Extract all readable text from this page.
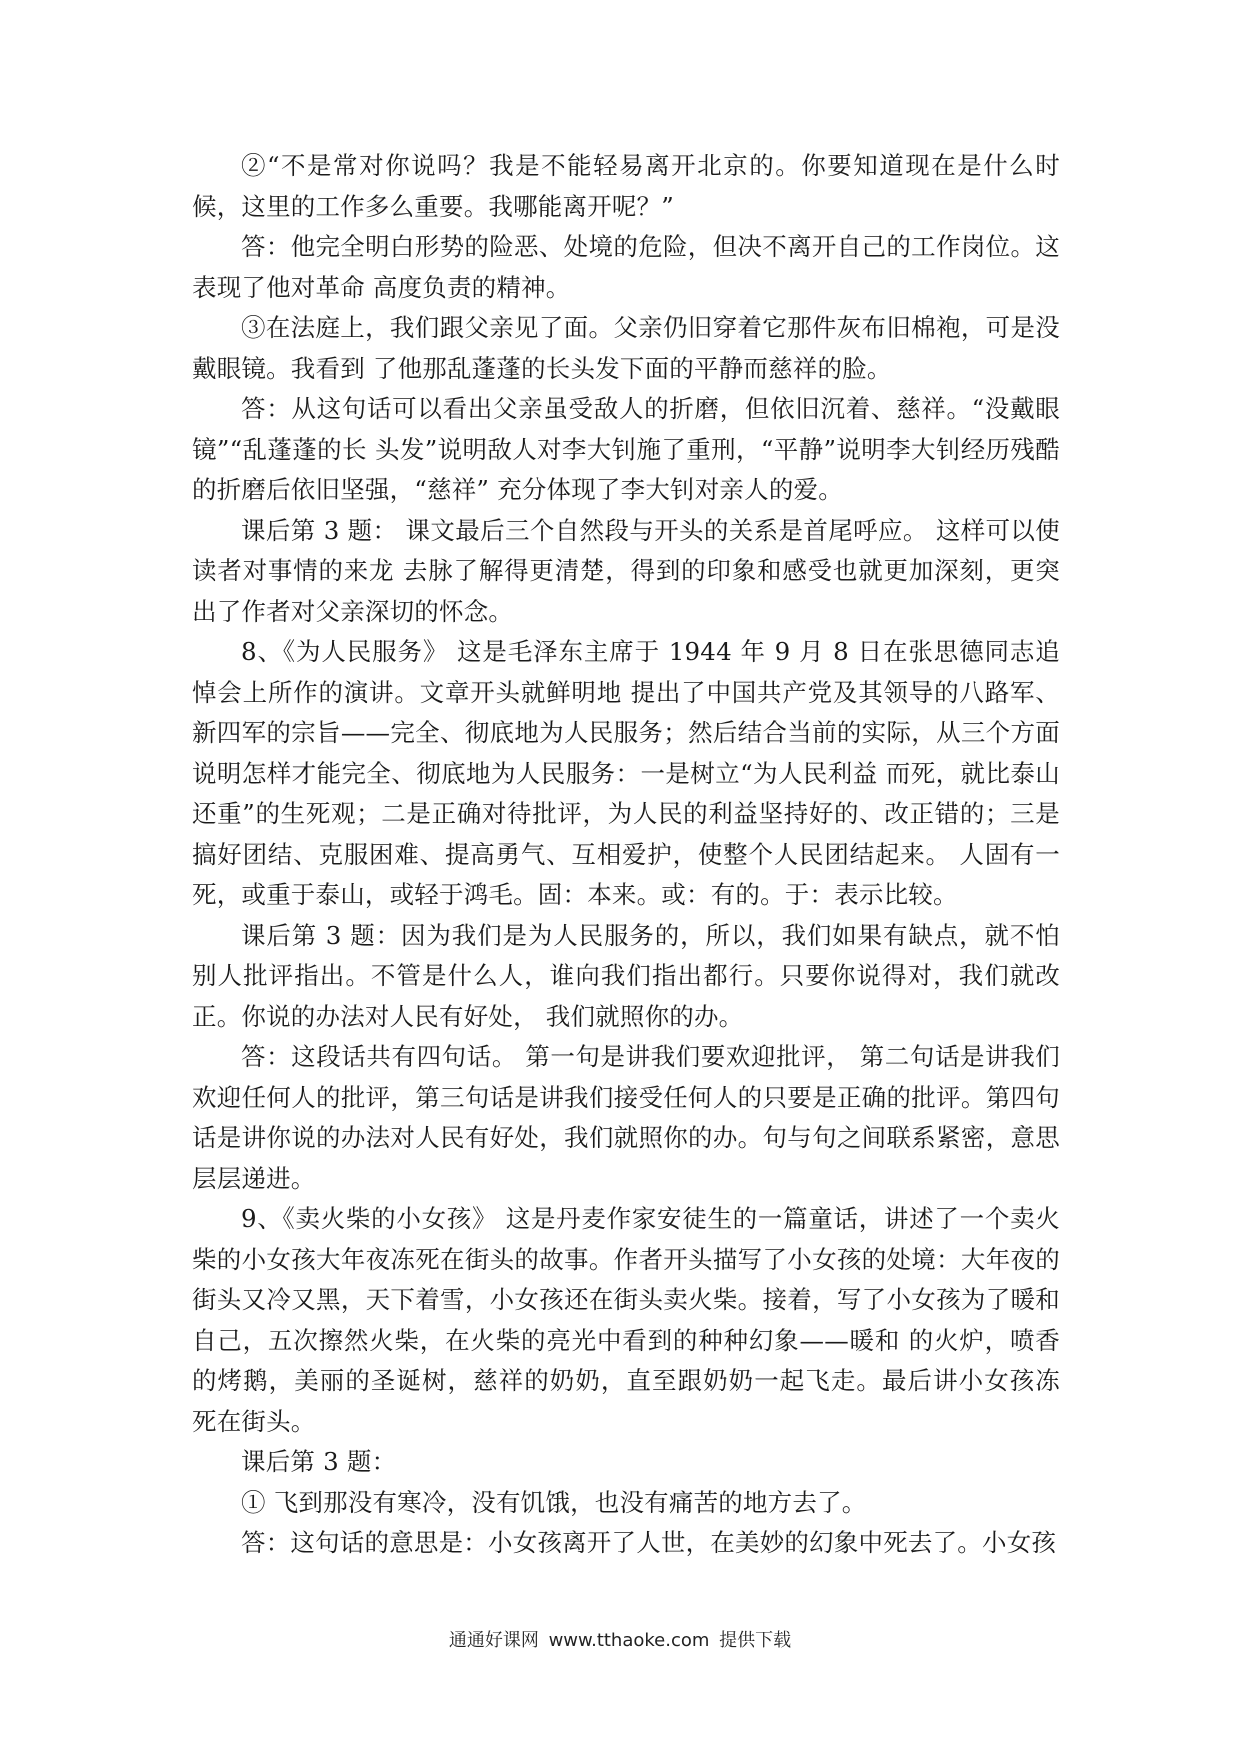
②“不是常对你说吗？我是不能轻易离开北京的。你要知道现在是什么时候，这里的工作多么重要。我哪能离开呢？”

答：他完全明白形势的险恶、处境的危险，但决不离开自己的工作岗位。这表现了他对革命 高度负责的精神。

③在法庭上，我们跟父亲见了面。父亲仍旧穿着它那件灰布旧棉袍，可是没戴眼镜。我看到 了他那乱蓬蓬的长头发下面的平静而慈祥的脸。

答：从这句话可以看出父亲虽受敌人的折磨，但依旧沉着、慈祥。“没戴眼镜”“乱蓬蓬的长 头发”说明敌人对李大钊施了重刑，“平静”说明李大钊经历残酷的折磨后依旧坚强，“慈祥” 充分体现了李大钊对亲人的爱。

课后第 3 题： 课文最后三个自然段与开头的关系是首尾呼应。 这样可以使读者对事情的来龙 去脉了解得更清楚，得到的印象和感受也就更加深刻，更突出了作者对父亲深切的怀念。

8、《为人民服务》 这是毛泽东主席于 1944 年 9 月 8 日在张思德同志追悼会上所作的演讲。文章开头就鲜明地 提出了中国共产党及其领导的八路军、新四军的宗旨——完全、彻底地为人民服务；然后结合当前的实际，从三个方面说明怎样才能完全、彻底地为人民服务：一是树立“为人民利益 而死，就比泰山还重”的生死观；二是正确对待批评，为人民的利益坚持好的、改正错的；三是搞好团结、克服困难、提高勇气、互相爱护，使整个人民团结起来。 人固有一死，或重于泰山，或轻于鸿毛。固：本来。或：有的。于：表示比较。

课后第 3 题：因为我们是为人民服务的，所以，我们如果有缺点，就不怕别人批评指出。不管是什么人，谁向我们指出都行。只要你说得对，我们就改正。你说的办法对人民有好处， 我们就照你的办。

答：这段话共有四句话。 第一句是讲我们要欢迎批评， 第二句话是讲我们欢迎任何人的批评，第三句话是讲我们接受任何人的只要是正确的批评。第四句话是讲你说的办法对人民有好处，我们就照你的办。句与句之间联系紧密，意思层层递进。

9、《卖火柴的小女孩》 这是丹麦作家安徒生的一篇童话，讲述了一个卖火柴的小女孩大年夜冻死在街头的故事。作者开头描写了小女孩的处境：大年夜的街头又冷又黑，天下着雪，小女孩还在街头卖火柴。接着，写了小女孩为了暖和自己，五次擦然火柴，在火柴的亮光中看到的种种幻象——暖和 的火炉，喷香的烤鹅，美丽的圣诞树，慈祥的奶奶，直至跟奶奶一起飞走。最后讲小女孩冻 死在街头。

课后第 3 题：

① 飞到那没有寒冷，没有饥饿，也没有痛苦的地方去了。

答：这句话的意思是：小女孩离开了人世，在美妙的幻象中死去了。小女孩

通通好课网 www.tthaoke.com 提供下载
